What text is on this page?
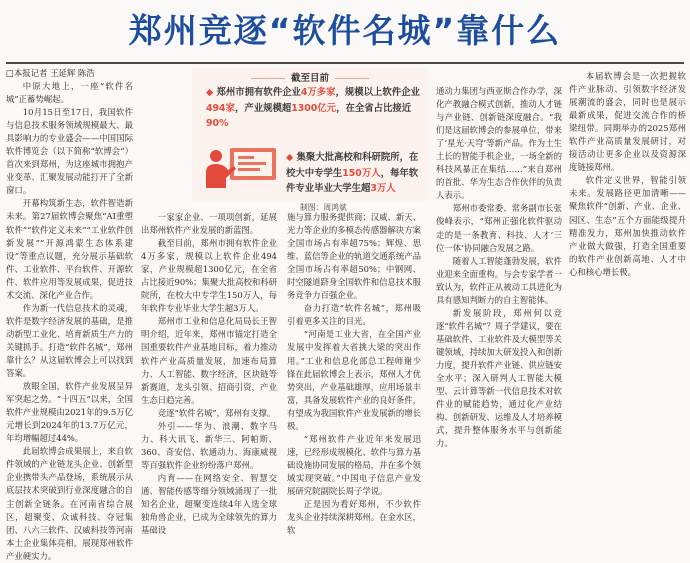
郑州竞逐“软件名城”靠什么
□本报记者 王延辉 陈浩

中原大地上，一座“软件名城”正蓄势崛起。

10月15日至17日，我国软件与信息技术服务领域规模最大、最具影响力的专业盛会——中国国际软件博览会（以下简称“软博会”）首次来到郑州，为这座城市拥抱产业变革、汇聚发展动能打开了全新窗口。

开幕构筑新生态，软件智造新未来。第27届软博会聚焦“AI重塑软件”“软件定义未来”“工业软件创新发展”“开源鸿蒙生态体系建设”等重点议题，充分展示基础软件、工业软件、平台软件、开源软件、软件应用等发展成果，促进技术交流、深化产业合作。

作为新一代信息技术的灵魂，软件是数字经济发展的基础，是推动新型工业化、培育新质生产力的关键抓手。打造“软件名城”，郑州靠什么？从这届软博会上可以找到答案。

放眼全国，软件产业发展呈异军突起之势。“十四五”以来，全国软件产业规模由2021年的9.5万亿元增长到2024年的13.7万亿元，年均增幅超过44%。

此届软博会成果展上，来自软件领域的产业链龙头企业、创新型企业携带头产品登场，系统展示从底层技术突破到行业深度融合的自主创新全链条。在河南省综合展区，超聚变、众诚科技、夺冠集团、八六三软件、汉威科技等河南本土企业集体亮相，展现郑州软件产业硬实力。

截至目前
◆ 郑州市拥有软件企业4万多家，规模以上软件企业494家，产业规模超1300亿元，在全省占比接近90%
◆ 集聚大批高校和科研院所，在校大中专学生150万人，每年软件专业毕业大学生超3万人
制图：周鸿斌

一家家企业、一项项创新，延展出郑州软件产业发展的新蓝图。

截至目前，郑州市拥有软件企业4万多家，规模以上软件企业494家，产业规模超1300亿元，在全省占比接近90%；集聚大批高校和科研院所，在校大中专学生150万人，每年软件专业毕业大学生超3万人。

郑州市工业和信息化局局长王智明介绍，近年来，郑州市锚定打造全国重要软件产业基地目标，着力推动软件产业高质量发展，加速布局算力、人工智能、数字经济，区块链等新赛道，龙头引领、招商引资，产业生态日趋完善。

竞逐“软件名城”，郑州有支撑。

外引——华为、浪潮、数字马力、科大讯飞、新华三、阿帕斯、360、奇安信、软通动力、海康威视等百强软件企业纷纷落户郑州。

内育——在网络安全、智慧交通、智能传感等细分领域涌现了一批知名企业，超聚变连续4年入选全球独角兽企业，已成为全球领先的算力基础设

施与算力服务提供商；汉威、新天、光力等企业的多模态传感器解决方案全国市场占有率超75%；辉煌、思维、蓝信等企业的轨道交通系统产品全国市场占有率超50%；中钢网、时空隧道跻身全国软件和信息技术服务竞争力百强企业。

奋力打造“软件名城”，郑州吸引着更多关注的目光。

“河南是工业大省，在全国产业发展中发挥着大省挑大梁的突出作用。”工业和信息化部总工程师谢少锋在此届软博会上表示，郑州人才优势突出，产业基础雄厚，应用场景丰富，具备发展软件产业的良好条件，有望成为我国软件产业发展新的增长极。

“郑州软件产业近年来发展迅速，已经形成规模化、软件与算力基础设施协同发展的格局，并在多个领域实现突破。”中国电子信息产业发展研究院副院长周子学说。

正是因为看好郑州，不少软件龙头企业持续深耕郑州。在金水区，软

通动力集团与西亚斯合作办学，深化产教融合模式创新，推动人才链与产业链、创新链深度融合。“我们是这届软博会的参展单位，带来了‘星光·天穹’等新产品。作为土生土长的智能手机企业，一场全新的科技风暴正在集结……”来自郑州的首批、华为生态合作伙伴的负责人表示。

郑州市委常委、常务副市长张俊峰表示，“郑州正强化软件驱动走的是一条教育、科技、人才‘三位一体’协同融合发展之路。

随着人工智能蓬勃发展，软件业迎来全面重构。与会专家学者一致认为，软件正从被动工具进化为具有感知判断力的自主智能体。

新发展阶段，郑州何以竞逐“软件名城”？周子学建议，要在基础软件、工业软件及大模型等关键领域，持续加大研发投入和创新力度，提升软件产业链、供应链安全水平；深入研判人工智能大模型、云计算等新一代信息技术对软件业的赋能趋势，通过化产业结构、创新研发、运维及人才培养模式，提升整体服务水平与创新能力。

本届软博会是一次把握软件产业脉动、引领数字经济发展潮流的盛会，同时也是展示最新成果，促进交流合作的桥梁纽带。同期举办的2025郑州软件产业高质量发展研讨，对接活动让更多企业以及资源深度链接郑州。

软件定义世界，智能引领未来。发展路径更加清晰——聚焦软件“创新、产业、企业、园区、生态”五个方面能级提升精准发力，郑州加快推动软件产业做大做强，打造全国重要的软件产业创新高地、人才中心和核心增长极。
